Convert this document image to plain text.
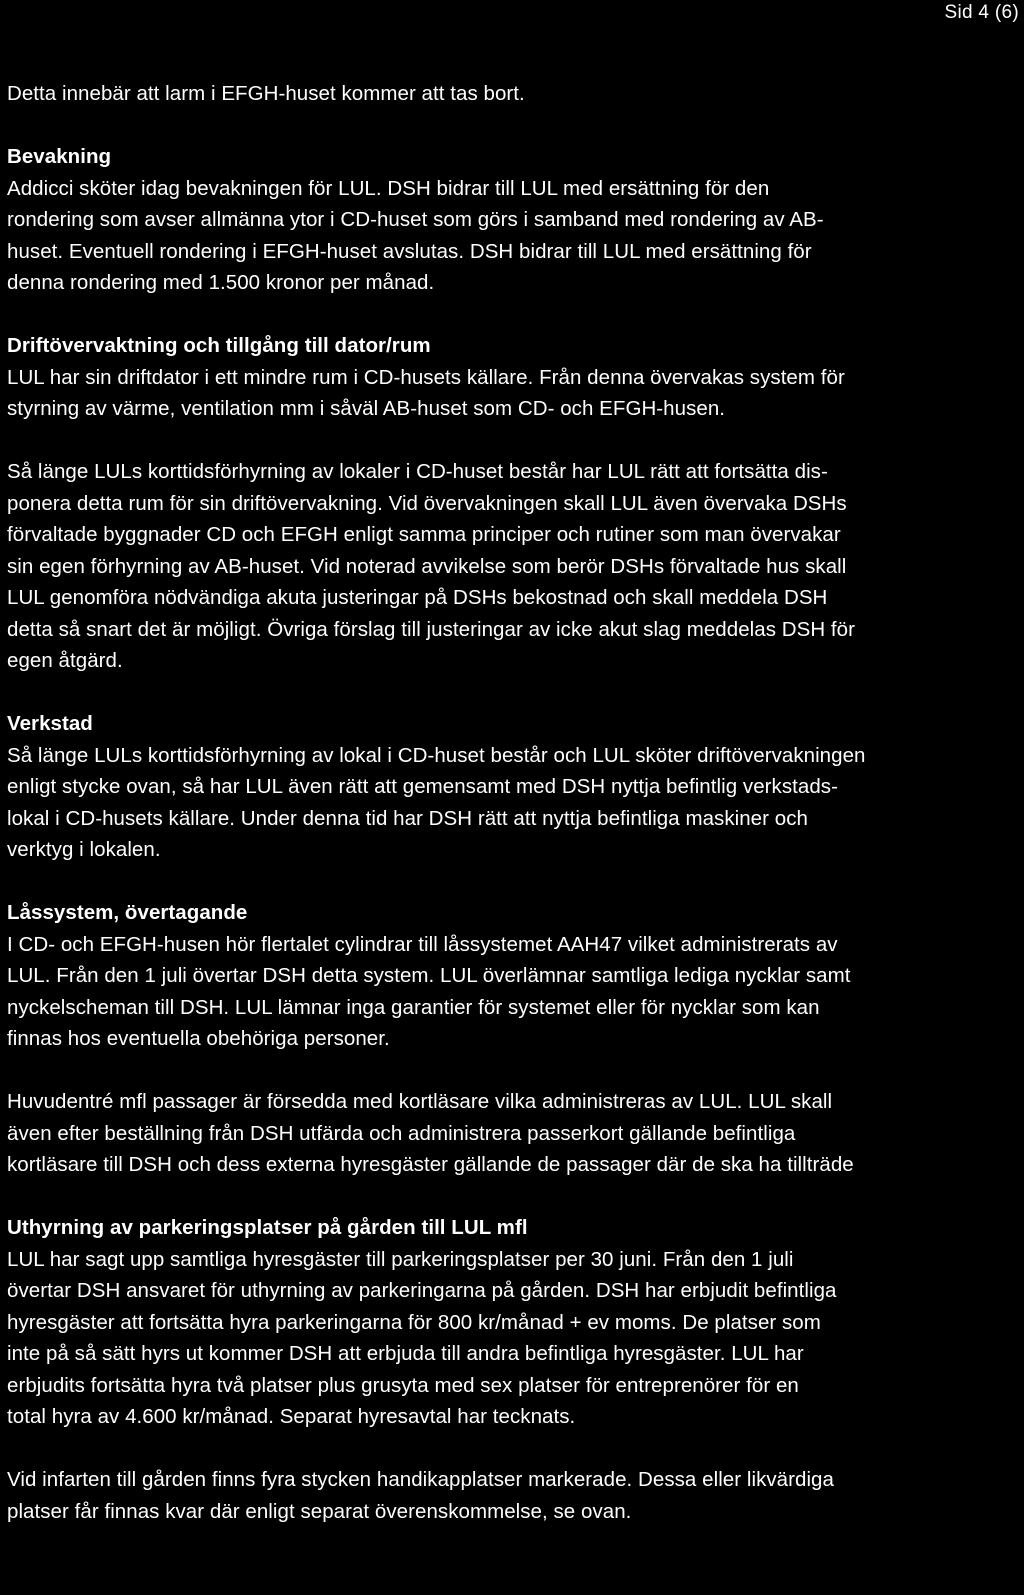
Sid 4 (6)
Detta innebär att larm i EFGH-huset kommer att tas bort.
Bevakning
Addicci sköter idag bevakningen för LUL. DSH bidrar till LUL med ersättning för den
rondering som avser allmänna ytor i CD-huset som görs i samband med rondering av AB-
huset. Eventuell rondering i EFGH-huset avslutas. DSH bidrar till LUL med ersättning för
denna rondering med 1.500 kronor per månad.
Driftövervaktning och tillgång till dator/rum
LUL har sin driftdator i ett mindre rum i CD-husets källare. Från denna övervakas system för
styrning av värme, ventilation mm i såväl AB-huset som CD- och EFGH-husen.
Så länge LULs korttidsförhyrning av lokaler i CD-huset består har LUL rätt att fortsätta dis-
ponera detta rum för sin driftövervakning. Vid övervakningen skall LUL även övervaka DSHs
förvaltade byggnader CD och EFGH enligt samma principer och rutiner som man övervakar
sin egen förhyrning av AB-huset. Vid noterad avvikelse som berör DSHs förvaltade hus skall
LUL genomföra nödvändiga akuta justeringar på DSHs bekostnad och skall meddela DSH
detta så snart det är möjligt. Övriga förslag till justeringar av icke akut slag meddelas DSH för
egen åtgärd.
Verkstad
Så länge LULs korttidsförhyrning av lokal i CD-huset består och LUL sköter driftövervakningen
enligt stycke ovan, så har LUL även rätt att gemensamt med DSH nyttja befintlig verkstads-
lokal i CD-husets källare. Under denna tid har DSH rätt att nyttja befintliga maskiner och
verktyg i lokalen.
Låssystem, övertagande
I CD- och EFGH-husen hör flertalet cylindrar till låssystemet AAH47 vilket administrerats av
LUL. Från den 1 juli övertar DSH detta system. LUL överlämnar samtliga lediga nycklar samt
nyckelscheman till DSH. LUL lämnar inga garantier för systemet eller för nycklar som kan
finnas hos eventuella obehöriga personer.
Huvudentré mfl passager är försedda med kortläsare vilka administreras av LUL. LUL skall
även efter beställning från DSH utfärda och administrera passerkort gällande befintliga
kortläsare till DSH och dess externa hyresgäster gällande de passager där de ska ha tillträde
Uthyrning av parkeringsplatser på gården till LUL mfl
LUL har sagt upp samtliga hyresgäster till parkeringsplatser per 30 juni. Från den 1 juli
övertar DSH ansvaret för uthyrning av parkeringarna på gården. DSH har erbjudit befintliga
hyresgäster att fortsätta hyra parkeringarna för 800 kr/månad + ev moms. De platser som
inte på så sätt hyrs ut kommer DSH att erbjuda till andra befintliga hyresgäster. LUL har
erbjudits fortsätta hyra två platser plus grusyta med sex platser för entreprenörer för en
total hyra av 4.600 kr/månad. Separat hyresavtal har tecknats.
Vid infarten till gården finns fyra stycken handikapplatser markerade. Dessa eller likvärdiga
platser får finnas kvar där enligt separat överenskommelse, se ovan.
